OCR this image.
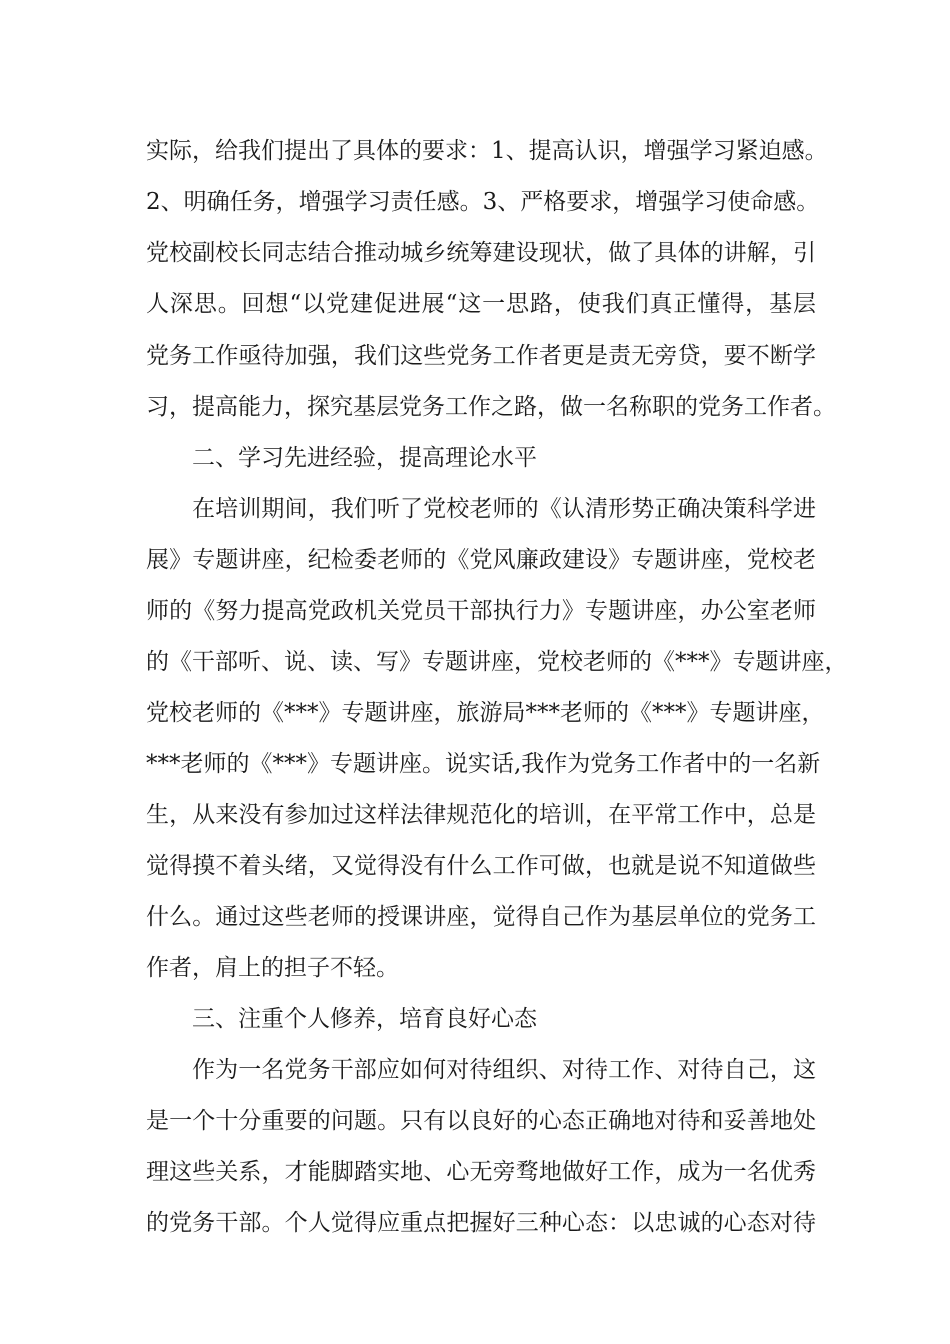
实际，给我们提出了具体的要求：1、提高认识，增强学习紧迫感。
2、明确任务，增强学习责任感。3、严格要求，增强学习使命感。
党校副校长同志结合推动城乡统筹建设现状，做了具体的讲解，引
人深思。回想“以党建促进展“这一思路，使我们真正懂得，基层
党务工作亟待加强，我们这些党务工作者更是责无旁贷，要不断学
习，提高能力，探究基层党务工作之路，做一名称职的党务工作者。
二、学习先进经验，提高理论水平
在培训期间，我们听了党校老师的《认清形势正确决策科学进
展》专题讲座，纪检委老师的《党风廉政建设》专题讲座，党校老
师的《努力提高党政机关党员干部执行力》专题讲座，办公室老师
的《干部听、说、读、写》专题讲座，党校老师的《***》专题讲座，
党校老师的《***》专题讲座，旅游局***老师的《***》专题讲座，
***老师的《***》专题讲座。说实话,我作为党务工作者中的一名新
生，从来没有参加过这样法律规范化的培训，在平常工作中，总是
觉得摸不着头绪，又觉得没有什么工作可做，也就是说不知道做些
什么。通过这些老师的授课讲座，觉得自己作为基层单位的党务工
作者，肩上的担子不轻。
三、注重个人修养，培育良好心态
作为一名党务干部应如何对待组织、对待工作、对待自己，这
是一个十分重要的问题。只有以良好的心态正确地对待和妥善地处
理这些关系，才能脚踏实地、心无旁骛地做好工作，成为一名优秀
的党务干部。个人觉得应重点把握好三种心态：以忠诚的心态对待
